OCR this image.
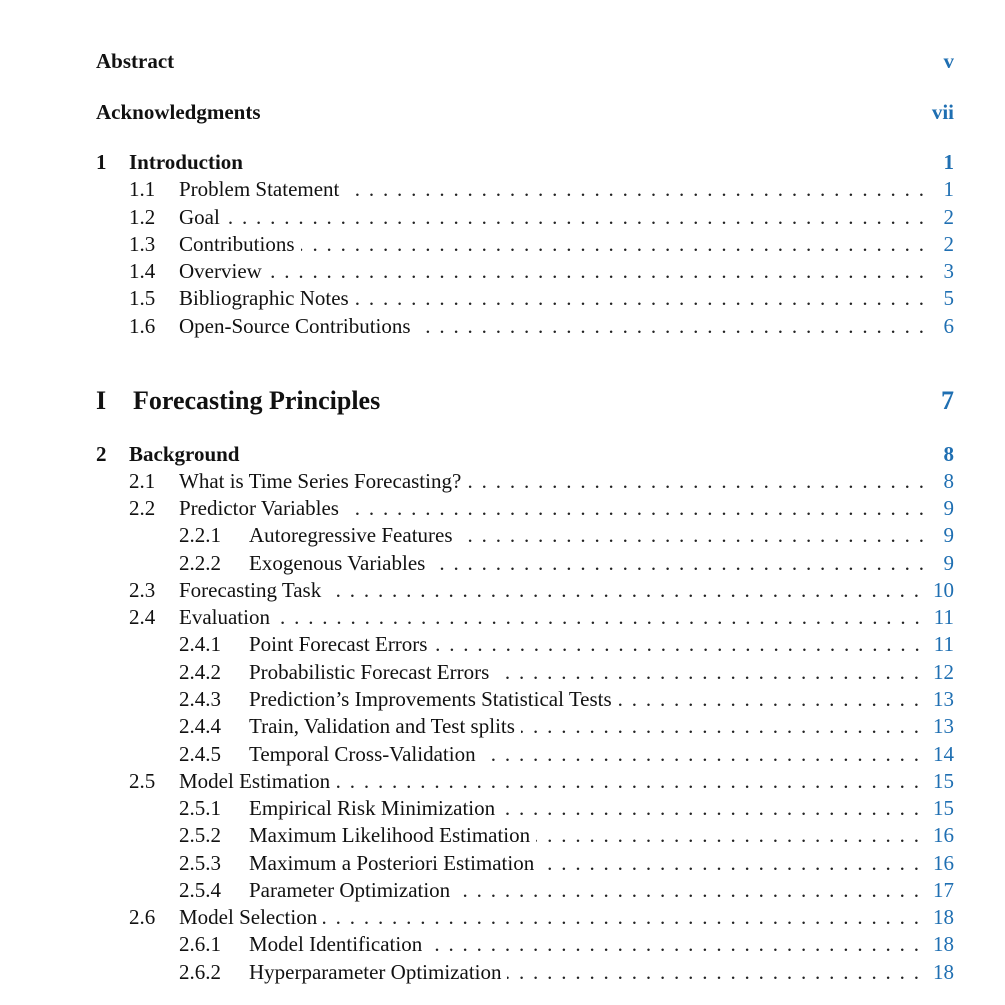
Abstract	v
Acknowledgments	vii
1	Introduction	1
1.1	Problem Statement . . .	1
1.2	Goal . . .	2
1.3	Contributions . . .	2
1.4	Overview . . .	3
1.5	Bibliographic Notes . . .	5
1.6	Open-Source Contributions . . .	6
I	Forecasting Principles	7
2	Background	8
2.1	What is Time Series Forecasting? . . .	8
2.2	Predictor Variables . . .	9
2.2.1	Autoregressive Features . . .	9
2.2.2	Exogenous Variables . . .	9
2.3	Forecasting Task . . .	10
2.4	Evaluation . . .	11
2.4.1	Point Forecast Errors . . .	11
2.4.2	Probabilistic Forecast Errors . . .	12
2.4.3	Prediction’s Improvements Statistical Tests . . .	13
2.4.4	Train, Validation and Test splits . . .	13
2.4.5	Temporal Cross-Validation . . .	14
2.5	Model Estimation . . .	15
2.5.1	Empirical Risk Minimization . . .	15
2.5.2	Maximum Likelihood Estimation . . .	16
2.5.3	Maximum a Posteriori Estimation . . .	16
2.5.4	Parameter Optimization . . .	17
2.6	Model Selection . . .	18
2.6.1	Model Identification . . .	18
2.6.2	Hyperparameter Optimization . . .	18
